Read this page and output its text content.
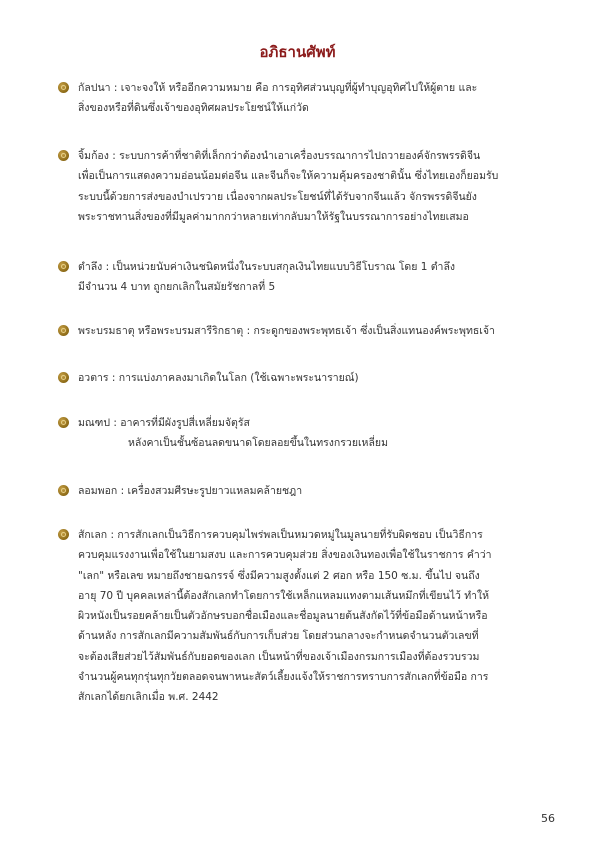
อภิธานศัพท์
กัลปนา : เจาะจงให้ หรืออีกความหมาย คือ การอุทิศส่วนบุญที่ผู้ทำบุญอุทิศไปให้ผู้ตาย และ
สิ่งของหรือที่ดินซึ่งเจ้าของอุทิศผลประโยชน์ให้แก่วัด
จิ้มก้อง : ระบบการค้าที่ชาติที่เล็กกว่าต้องนำเอาเครื่องบรรณาการไปถวายองค์จักรพรรดิจีน
เพื่อเป็นการแสดงความอ่อนน้อมต่อจีน และจีนก็จะให้ความคุ้มครองชาตินั้น ซึ่งไทยเองก็ยอมรับ
ระบบนี้ด้วยการส่งของบำเปรวาย เนื่องจากผลประโยชน์ที่ได้รับจากจีนแล้ว จักรพรรดิจีนยัง
พระราชทานสิ่งของที่มีมูลค่ามากกว่าหลายเท่ากลับมาให้รัฐในบรรณาการอย่างไทยเสมอ
ตำลึง : เป็นหน่วยนับค่าเงินชนิดหนึ่งในระบบสกุลเงินไทยแบบวิธีโบราณ โดย 1 ตำลึง
มีจำนวน 4 บาท ถูกยกเลิกในสมัยรัชกาลที่ 5
พระบรมธาตุ หรือพระบรมสารีริกธาตุ : กระดูกของพระพุทธเจ้า ซึ่งเป็นสิ่งแทนองค์พระพุทธเจ้า
อวตาร : การแบ่งภาคลงมาเกิดในโลก (ใช้เฉพาะพระนารายณ์)
มณฑป : อาคารที่มีผังรูปสี่เหลี่ยมจัตุรัส
หลังคาเป็นชั้นซ้อนลดขนาดโดยลอยขึ้นในทรงกรวยเหลี่ยม
ลอมพอก : เครื่องสวมศีรษะรูปยาวแหลมคล้ายชฎา
สักเลก : การสักเลกเป็นวิธีการควบคุมไพร่พลเป็นหมวดหมู่ในมูลนายที่รับผิดชอบ เป็นวิธีการ
ควบคุมแรงงานเพื่อใช้ในยามสงบ และการควบคุมส่วย สิ่งของเงินทองเพื่อใช้ในราชการ คำว่า
"เลก" หรือเลข หมายถึงชายฉกรรจ์ ซึ่งมีความสูงตั้งแต่ 2 ศอก หรือ 150 ซ.ม. ขึ้นไป จนถึง
อายุ 70 ปี บุคคลเหล่านี้ต้องสักเลกทำโดยการใช้เหล็กแหลมแทงตามเส้นหมึกที่เขียนไว้ ทำให้
ผิวหนังเป็นรอยคล้ายเป็นตัวอักษรบอกชื่อเมืองและชื่อมูลนายต้นสังกัดไว้ที่ข้อมือด้านหน้าหรือ
ด้านหลัง การสักเลกมีความสัมพันธ์กับการเก็บส่วย โดยส่วนกลางจะกำหนดจำนวนตัวเลขที่
จะต้องเสียส่วยไว้สัมพันธ์กับยอดของเลก เป็นหน้าที่ของเจ้าเมืองกรมการเมืองที่ต้องรวบรวม
จำนวนผู้คนทุกรุ่นทุกวัยตลอดจนพาหนะสัตว์เลี้ยงแจ้งให้ราชการทราบการสักเลกที่ข้อมือ การ
สักเลกได้ยกเลิกเมื่อ พ.ศ. 2442
56
